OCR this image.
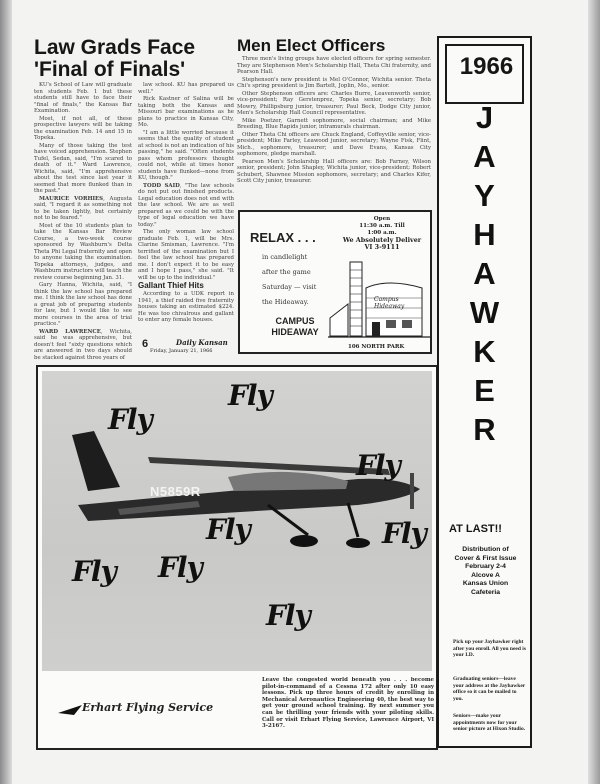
Law Grads Face
'Final of Finals'

KU's School of Law will graduate ten students Feb. 1 but these students still have to face their "final of finals," the Kansas Bar Examination.

Most, if not all, of these prospective lawyers will be taking the examination Feb. 14 and 15 in Topeka.

Many of those taking the test have voiced apprehension. Stephen Tufel, Sedan, said, "I'm scared to death of it." Ward Lawrence, Wichita, said, "I'm apprehensive about the test since last year it seemed that more flunked than in the past."

MAURICE VORHIES, Augusta said, "I regard it as something not to be taken lightly, but certainly not to be feared."

Most of the 10 students plan to take the Kansas Bar Review Course, a two-week course sponsored by Washburn's Delta Theta Phi Legal fraternity and open to anyone taking the examination. Topeka attorneys, judges, and Washburn instructors will teach the review course beginning Jan. 31.

Gary Hanna, Wichita, said, "I think the law school has prepared me. I think the law school has done a great job of preparing students for law, but I would like to see more courses in the area of trial practice."

WARD LAWRENCE, Wichita, said he was apprehensive, but doesn't feel "sixty questions which are answered in two days should be stacked against three years of

law school. KU has prepared us well."

Rick Kastner of Salina will be taking both the Kansas and Missouri bar examinations as he plans to practice in Kansas City, Mo.

"I am a little worried because it seems that the quality of student at school is not an indication of his passing," he said. "Often students pass whom professors thought could not, while at times honor students have flunked—none from KU, though."

TODD SAID, "The law schools do not put out finished products. Legal education does not end with the law school. We are as well prepared as we could be with the type of legal education we have today."

The only woman law school graduate Feb. 1, will be Mrs. Clarine Smisman, Lawrence. "I'm terrified of the examination but I feel the law school has prepared me. I don't expect it to be easy and I hope I pass," she said. "It will be up to the individual."

Gallant Thief Hits

According to a UDK report in 1941, a thief raided five fraternity houses taking an estimated $224. He was too chivalrous and gallant to enter any female houses.

6	Daily Kansan
Friday, January 21, 1966
Men Elect Officers

Three men's living groups have elected officers for spring semester. They are Stephenson Men's Scholarship Hall, Theta Chi fraternity, and Pearson Hall.

Stephenson's new president is Mel O'Connor, Wichita senior. Theta Chi's spring president is Jim Bartelt, Joplin, Mo., senior.

Other Stephenson officers are: Charles Burre, Leavenworth senior, vice-president; Ray Gerstenprez, Topeka senior, secretary; Bob Mowry, Phillipsburg junior, treasurer; Paul Beck, Dodge City junior, Men's Scholarship Hall Council representative.

Mike Poetzer, Garnett sophomore, social chairman; and Mike Breeding, Blue Rapids junior, intramurals chairman.

Other Theta Chi officers are Chuck England, Coffeyville senior, vice-president; Mike Farley, Leawood junior, secretary; Wayne Fisk, Flint, Mich., sophomore, treasurer; and Dave Evans, Kansas City sophomore, pledge marshall.

Pearson Men's Scholarship Hall officers are: Bob Farney, Wilson senior, president; John Shapley, Wichita junior, vice-president; Robert Schubert, Shawnee Mission sophomore, secretary; and Charles Kifer, Scott City junior, treasurer.

RELAX . . .
in candlelight
after the game
Saturday — visit
the Hideaway.
CAMPUS
HIDEAWAY
Open
11:30 a.m. Till
1:00 a.m.
We Absolutely Deliver
VI 3-9111
Campus
Hideaway
106 NORTH PARK
N5859R
Fly
Fly
Fly
Fly	Fly
Fly Fly
Fly

Leave the congested world beneath you . . . become pilot-in-command of a Cessna 172 after only 10 easy lessons. Pick up three hours of credit by enrolling in Mechanical Aeronautics Engineering 40, the best way to get your ground school training. By next summer you can be thrilling your friends with your piloting skills. Call or visit Erhart Flying Service, Lawrence Airport, VI 3-2167.

Erhart Flying Service
1966
J
A
Y
H
A
W
K
E
R
AT LAST!!
Distribution of
Cover & First Issue
February 2-4
Alcove A
Kansas Union
Cafeteria
Pick up your Jayhawker right after you enroll. All you need is your I.D.
Graduating seniors—leave your address at the Jayhawker office so it can be mailed to you.
Seniors—make your appointments now for your senior picture at Hixon Studio.
